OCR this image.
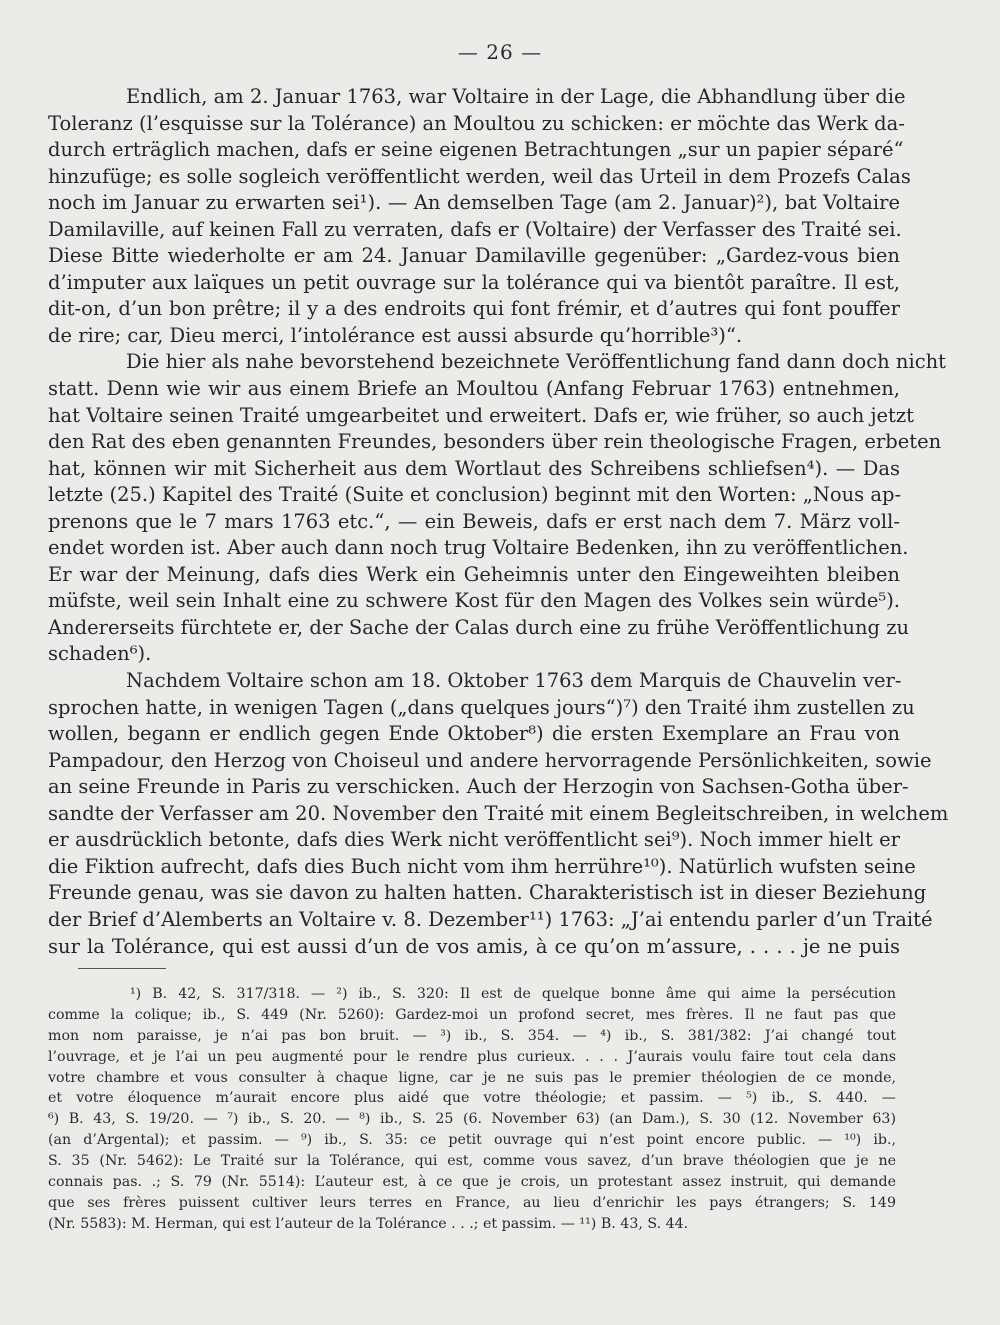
— 26 —
Endlich, am 2. Januar 1763, war Voltaire in der Lage, die Abhandlung über die
Toleranz (l’esquisse sur la Tolérance) an Moultou zu schicken: er möchte das Werk da-
durch erträglich machen, dafs er seine eigenen Betrachtungen „sur un papier séparé“
hinzufüge; es solle sogleich veröffentlicht werden, weil das Urteil in dem Prozefs Calas
noch im Januar zu erwarten sei¹). — An demselben Tage (am 2. Januar)²), bat Voltaire
Damilaville, auf keinen Fall zu verraten, dafs er (Voltaire) der Verfasser des Traité sei.
Diese Bitte wiederholte er am 24. Januar Damilaville gegenüber: „Gardez-vous bien
d’imputer aux laïques un petit ouvrage sur la tolérance qui va bientôt paraître. Il est,
dit-on, d’un bon prêtre; il y a des endroits qui font frémir, et d’autres qui font pouffer
de rire; car, Dieu merci, l’intolérance est aussi absurde qu’horrible³)“.
Die hier als nahe bevorstehend bezeichnete Veröffentlichung fand dann doch nicht
statt. Denn wie wir aus einem Briefe an Moultou (Anfang Februar 1763) entnehmen,
hat Voltaire seinen Traité umgearbeitet und erweitert. Dafs er, wie früher, so auch jetzt
den Rat des eben genannten Freundes, besonders über rein theologische Fragen, erbeten
hat, können wir mit Sicherheit aus dem Wortlaut des Schreibens schliefsen⁴). — Das
letzte (25.) Kapitel des Traité (Suite et conclusion) beginnt mit den Worten: „Nous ap-
prenons que le 7 mars 1763 etc.“, — ein Beweis, dafs er erst nach dem 7. März voll-
endet worden ist. Aber auch dann noch trug Voltaire Bedenken, ihn zu veröffentlichen.
Er war der Meinung, dafs dies Werk ein Geheimnis unter den Eingeweihten bleiben
müfste, weil sein Inhalt eine zu schwere Kost für den Magen des Volkes sein würde⁵).
Andererseits fürchtete er, der Sache der Calas durch eine zu frühe Veröffentlichung zu
schaden⁶).
Nachdem Voltaire schon am 18. Oktober 1763 dem Marquis de Chauvelin ver-
sprochen hatte, in wenigen Tagen („dans quelques jours“)⁷) den Traité ihm zustellen zu
wollen, begann er endlich gegen Ende Oktober⁸) die ersten Exemplare an Frau von
Pampadour, den Herzog von Choiseul und andere hervorragende Persönlichkeiten, sowie
an seine Freunde in Paris zu verschicken. Auch der Herzogin von Sachsen-Gotha über-
sandte der Verfasser am 20. November den Traité mit einem Begleitschreiben, in welchem
er ausdrücklich betonte, dafs dies Werk nicht veröffentlicht sei⁹). Noch immer hielt er
die Fiktion aufrecht, dafs dies Buch nicht vom ihm herrühre¹⁰). Natürlich wufsten seine
Freunde genau, was sie davon zu halten hatten. Charakteristisch ist in dieser Beziehung
der Brief d’Alemberts an Voltaire v. 8. Dezember¹¹) 1763: „J’ai entendu parler d’un Traité
sur la Tolérance, qui est aussi d’un de vos amis, à ce qu’on m’assure, . . . . je ne puis
¹) B. 42, S. 317/318. — ²) ib., S. 320: Il est de quelque bonne âme qui aime la persécution
comme la colique; ib., S. 449 (Nr. 5260): Gardez-moi un profond secret, mes frères. Il ne faut pas que
mon nom paraisse, je n’ai pas bon bruit. — ³) ib., S. 354. — ⁴) ib., S. 381/382: J’ai changé tout
l’ouvrage, et je l’ai un peu augmenté pour le rendre plus curieux. . . . J’aurais voulu faire tout cela dans
votre chambre et vous consulter à chaque ligne, car je ne suis pas le premier théologien de ce monde,
et votre éloquence m’aurait encore plus aidé que votre théologie; et passim. — ⁵) ib., S. 440. —
⁶) B. 43, S. 19/20. — ⁷) ib., S. 20. — ⁸) ib., S. 25 (6. November 63) (an Dam.), S. 30 (12. November 63)
(an d’Argental); et passim. — ⁹) ib., S. 35: ce petit ouvrage qui n’est point encore public. — ¹⁰) ib.,
S. 35 (Nr. 5462): Le Traité sur la Tolérance, qui est, comme vous savez, d’un brave théologien que je ne
connais pas. .; S. 79 (Nr. 5514): L’auteur est, à ce que je crois, un protestant assez instruit, qui demande
que ses frères puissent cultiver leurs terres en France, au lieu d’enrichir les pays étrangers; S. 149
(Nr. 5583): M. Herman, qui est l’auteur de la Tolérance . . .; et passim. — ¹¹) B. 43, S. 44.
